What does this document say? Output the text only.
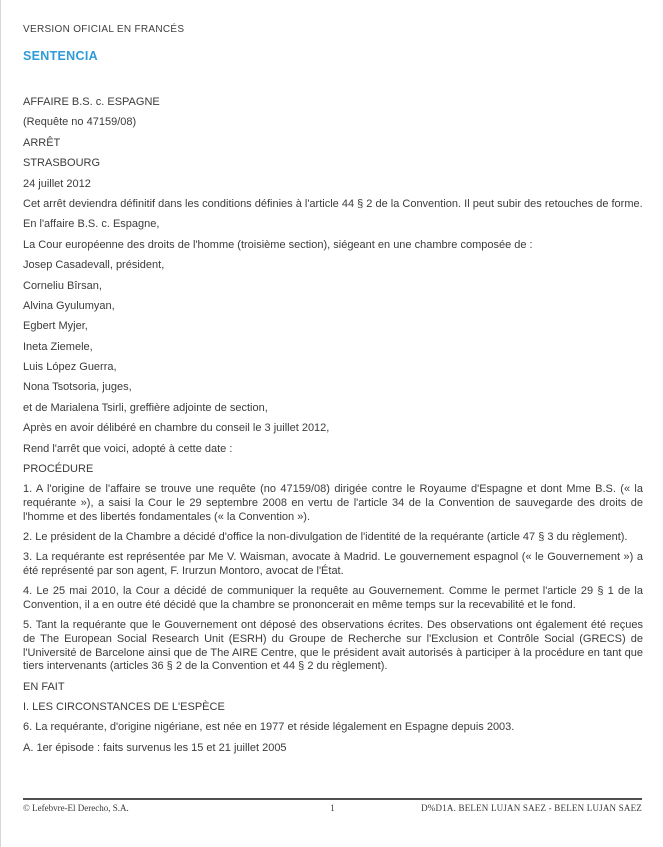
VERSION OFICIAL EN FRANCÉS
SENTENCIA

AFFAIRE B.S. c. ESPAGNE

(Requête no 47159/08)

ARRÊT

STRASBOURG

24 juillet 2012

Cet arrêt deviendra définitif dans les conditions définies à l'article 44 § 2 de la Convention. Il peut subir des retouches de forme.

En l'affaire B.S. c. Espagne,

La Cour européenne des droits de l'homme (troisième section), siégeant en une chambre composée de :

Josep Casadevall, président,

Corneliu Bîrsan,

Alvina Gyulumyan,

Egbert Myjer,

Ineta Ziemele,

Luis López Guerra,

Nona Tsotsoria, juges,

et de Marialena Tsirli, greffière adjointe de section,

Après en avoir délibéré en chambre du conseil le 3 juillet 2012,

Rend l'arrêt que voici, adopté à cette date :

PROCÉDURE

1. A l'origine de l'affaire se trouve une requête (no 47159/08) dirigée contre le Royaume d'Espagne et dont Mme B.S. (« la requérante »), a saisi la Cour le 29 septembre 2008 en vertu de l'article 34 de la Convention de sauvegarde des droits de l'homme et des libertés fondamentales (« la Convention »).

2. Le président de la Chambre a décidé d'office la non-divulgation de l'identité de la requérante (article 47 § 3 du règlement).

3. La requérante est représentée par Me V. Waisman, avocate à Madrid. Le gouvernement espagnol (« le Gouvernement ») a été représenté par son agent, F. Irurzun Montoro, avocat de l'État.

4. Le 25 mai 2010, la Cour a décidé de communiquer la requête au Gouvernement. Comme le permet l'article 29 § 1 de la Convention, il a en outre été décidé que la chambre se prononcerait en même temps sur la recevabilité et le fond.

5. Tant la requérante que le Gouvernement ont déposé des observations écrites. Des observations ont également été reçues de The European Social Research Unit (ESRH) du Groupe de Recherche sur l'Exclusion et Contrôle Social (GRECS) de l'Université de Barcelone ainsi que de The AIRE Centre, que le président avait autorisés à participer à la procédure en tant que tiers intervenants (articles 36 § 2 de la Convention et 44 § 2 du règlement).

EN FAIT

I. LES CIRCONSTANCES DE L'ESPÈCE

6. La requérante, d'origine nigériane, est née en 1977 et réside légalement en Espagne depuis 2003.

A. 1er épisode : faits survenus les 15 et 21 juillet 2005

© Lefebvre-El Derecho, S.A.	1	D%D1A. BELEN LUJAN SAEZ - BELEN LUJAN SAEZ
